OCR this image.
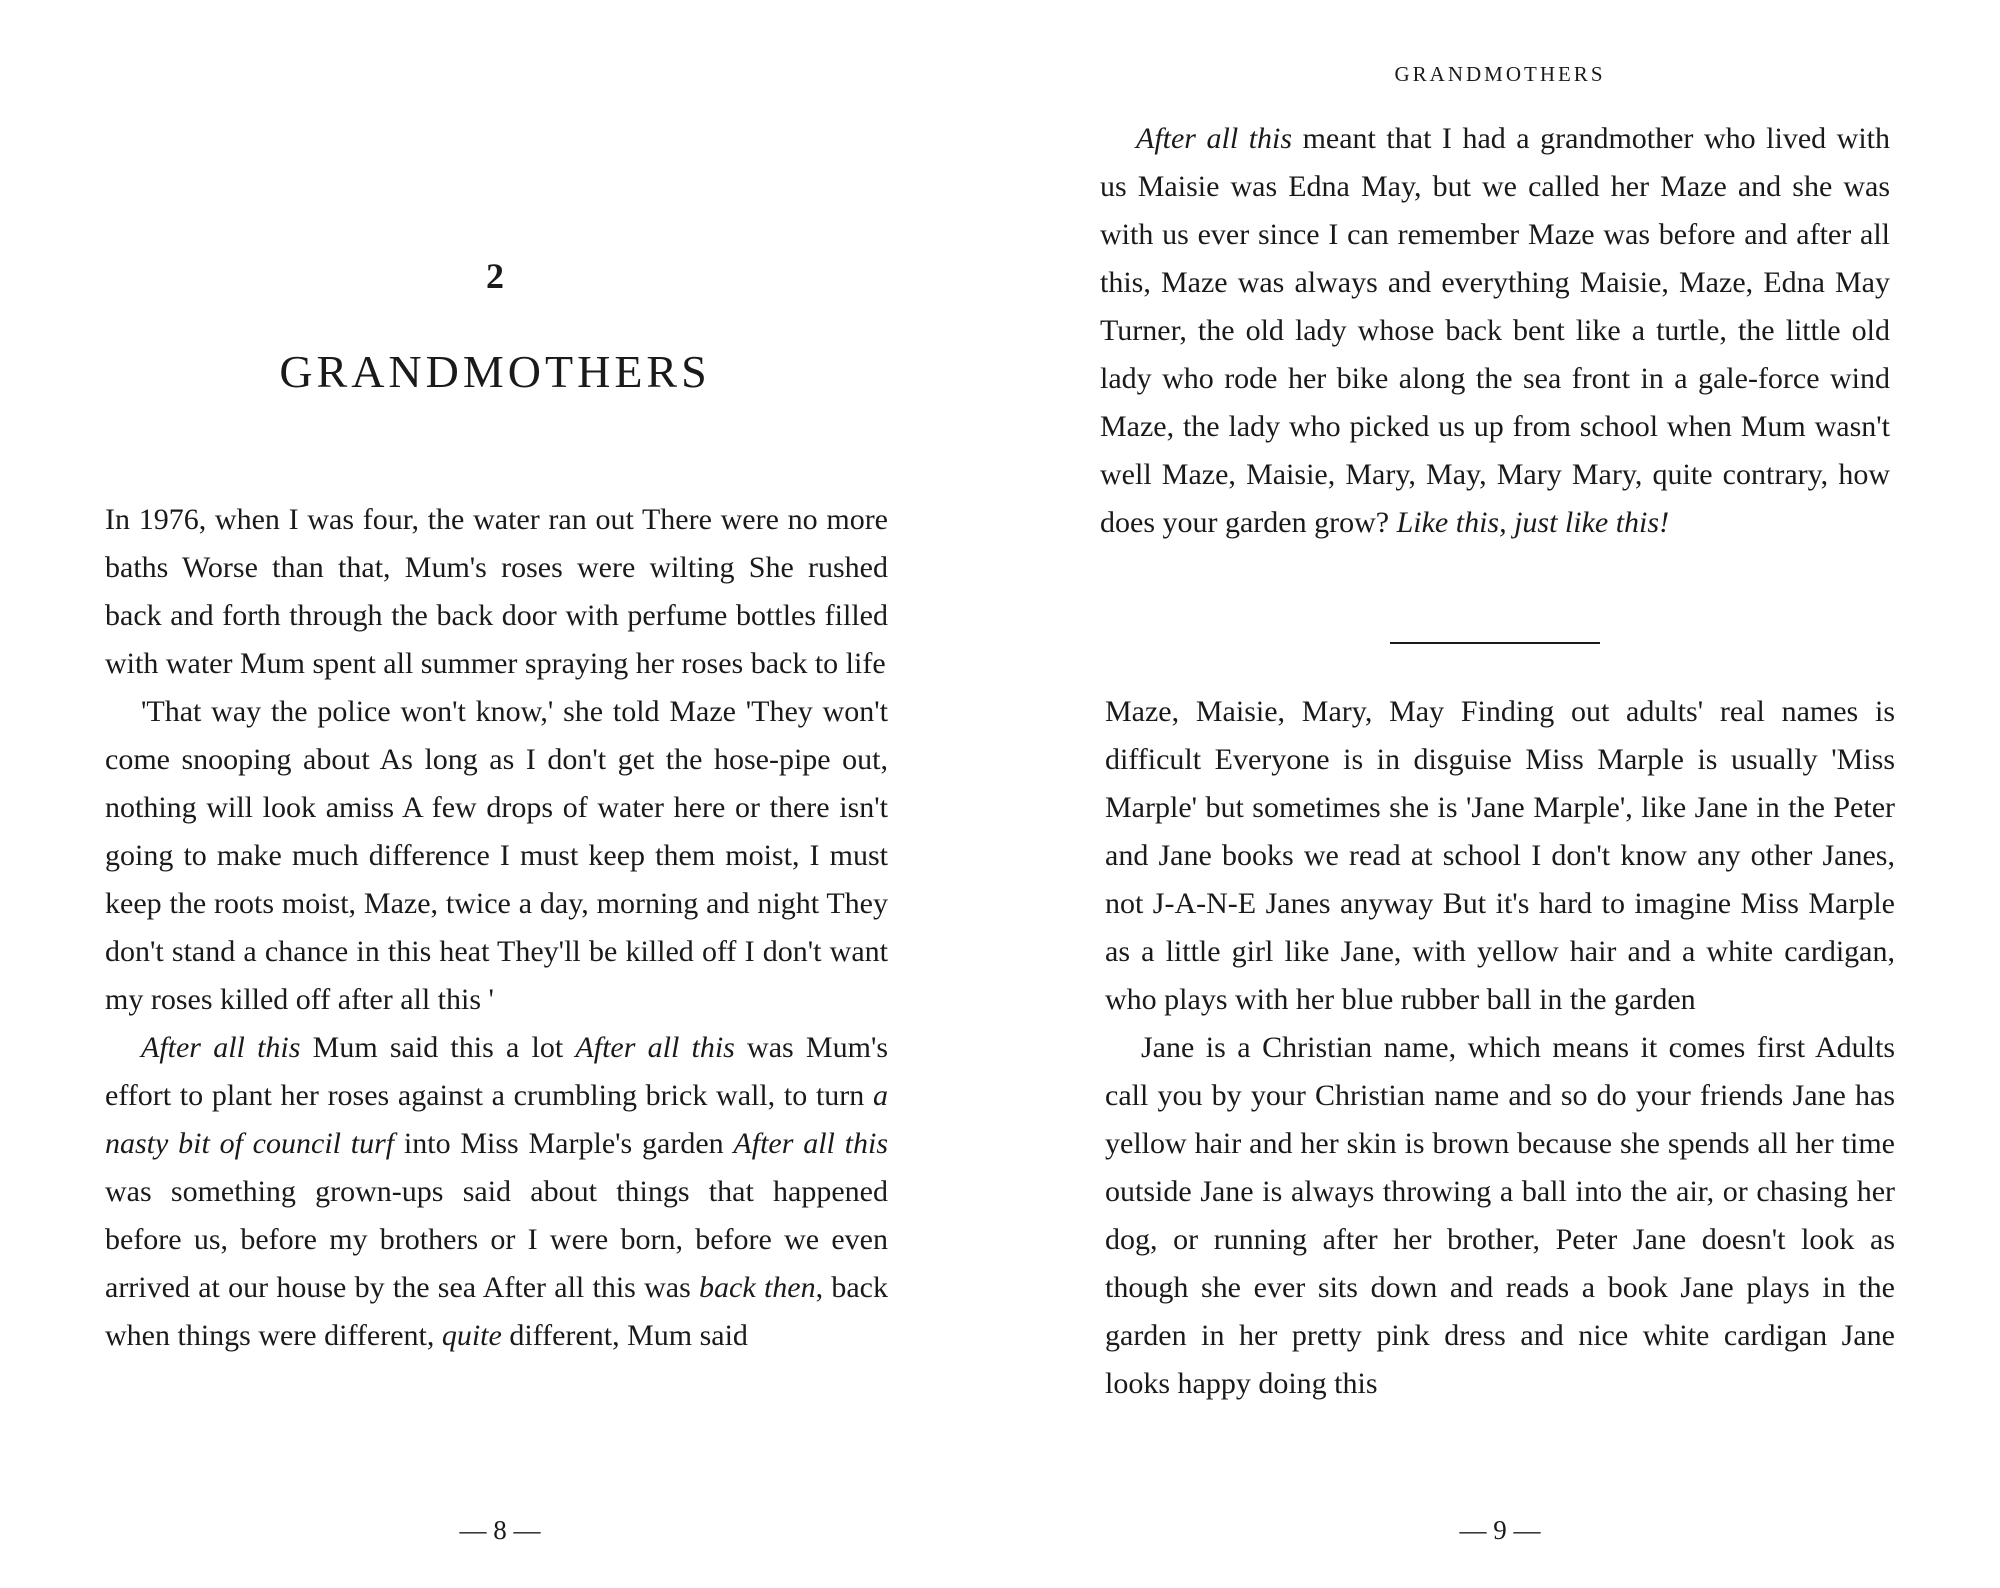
2
GRANDMOTHERS

In 1976, when I was four, the water ran out There were no more baths Worse than that, Mum's roses were wilting She rushed back and forth through the back door with perfume bottles filled with water Mum spent all summer spraying her roses back to life

'That way the police won't know,' she told Maze 'They won't come snooping about As long as I don't get the hose-pipe out, nothing will look amiss A few drops of water here or there isn't going to make much difference I must keep them moist, I must keep the roots moist, Maze, twice a day, morning and night They don't stand a chance in this heat They'll be killed off I don't want my roses killed off after all this '

After all this Mum said this a lot After all this was Mum's effort to plant her roses against a crumbling brick wall, to turn a nasty bit of council turf into Miss Marple's garden After all this was something grown-ups said about things that happened before us, before my brothers or I were born, before we even arrived at our house by the sea After all this was back then, back when things were different, quite different, Mum said

— 8 —

GRANDMOTHERS

After all this meant that I had a grandmother who lived with us Maisie was Edna May, but we called her Maze and she was with us ever since I can remember Maze was before and after all this, Maze was always and everything Maisie, Maze, Edna May Turner, the old lady whose back bent like a turtle, the little old lady who rode her bike along the sea front in a gale-force wind Maze, the lady who picked us up from school when Mum wasn't well Maze, Maisie, Mary, May, Mary Mary, quite contrary, how does your garden grow? Like this, just like this!

Maze, Maisie, Mary, May Finding out adults' real names is difficult Everyone is in disguise Miss Marple is usually 'Miss Marple' but sometimes she is 'Jane Marple', like Jane in the Peter and Jane books we read at school I don't know any other Janes, not J-A-N-E Janes anyway But it's hard to imagine Miss Marple as a little girl like Jane, with yellow hair and a white cardigan, who plays with her blue rubber ball in the garden

Jane is a Christian name, which means it comes first Adults call you by your Christian name and so do your friends Jane has yellow hair and her skin is brown because she spends all her time outside Jane is always throwing a ball into the air, or chasing her dog, or running after her brother, Peter Jane doesn't look as though she ever sits down and reads a book Jane plays in the garden in her pretty pink dress and nice white cardigan Jane looks happy doing this

— 9 —
